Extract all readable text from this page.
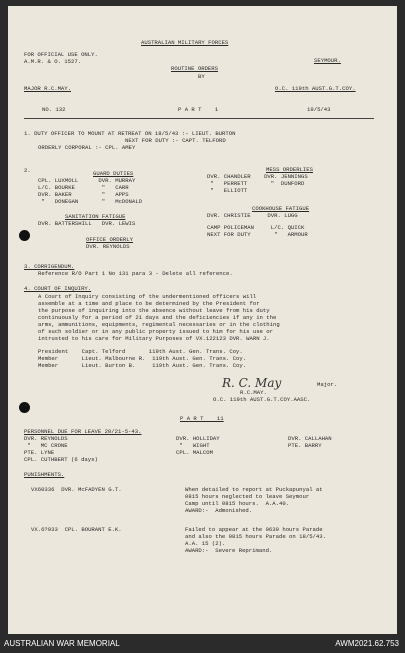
AUSTRALIAN MILITARY FORCES
FOR OFFICIAL USE ONLY.
A.M.R. & O. 1527.	SEYMOUR.
ROUTINE ORDERS
BY
MAJOR R.C.MAY.	O.C. 119th AUST.G.T.COY.
NO. 132	P A R T    1	19/5/43
1. DUTY OFFICER TO MOUNT AT RETREAT ON 18/5/43 :- LIEUT. BURTON
NEXT FOR DUTY :- CAPT. TELFORD
ORDERLY CORPORAL :- CPL. AMEY
2.	GUARD DUTIES
MESS ORDERLIES
CPL. LUXMOLL      DVR. MURRAY
L/C. BOURKE        "   CARR
DVR. BAKER         "   APPS
"   DONEGAN       "   McDONALD
DVR. CHANDLER    DVR. JENNINGS
"   PERRETT       "  DUNFORD
"   ELLIOTT
COOKHOUSE FATIGUE
DVR. CHRISTIE     DVR. LUGG
SANITATION FATIGUE
DVR. BATTERSHILL   DVR. LEWIS
CAMP POLICEMAN     L/C. QUICK
NEXT FOR DUTY       "   ARMOUR
OFFICE ORDERLY
DVR. REYNOLDS
3. CORRIGENDUM.
Reference R/O Part 1 No 131 para 3 - Delete all reference.
4. COURT OF INQUIRY.
A Court of Inquiry consisting of the undermentioned officers will
assemble at a time and place to be determined by the President for
the purpose of inquiring into the absence without leave from his duty
continuously for a period of 21 days and the deficiencies if any in the
arms, ammunitions, equipments, regimental necessaries or in the clothing
of such soldier or in any public property issued to him for his use or
intrusted to his care for Military Purposes of VX.122123 DVR. WARN J.
President    Capt. Telford       119th Aust. Gen. Trans. Coy.
Member       Lieut. Malbourne R.  119th Aust. Gen. Trans. Coy.
Member       Lieut. Burton B.     119th Aust. Gen. Trans. Coy.
R. C. May	Major.
R.C.MAY.
O.C. 119th AUST.G.T.COY.AASC.
P A R T    11
PERSONNEL DUE FOR LEAVE 20/21-5-43.
DVR. REYNOLDS
"   MC CRONE
PTE. LYNE
CPL. CUTHBERT (6 days)
DVR. HOLLIDAY
"   WIGHT
CPL. MALCOM
DVR. CALLAHAN
PTE. BARRY
PUNISHMENTS.
VX60336  DVR. McFADYEN G.T.	When detailed to report at Puckapunyal at
0815 hours neglected to leave Seymour
Camp until 0815 hours.  A.A.40.
AWARD:-  Admonished.
VX.6?933  CPL. BOURANT E.K.	Failed to appear at the 0630 hours Parade
and also the 0815 hours Parade on 18/5/43.
A.A. 15 (2).
AWARD:-  Severe Reprimand.
AUSTRALIAN WAR MEMORIAL	AWM2021.62.753
